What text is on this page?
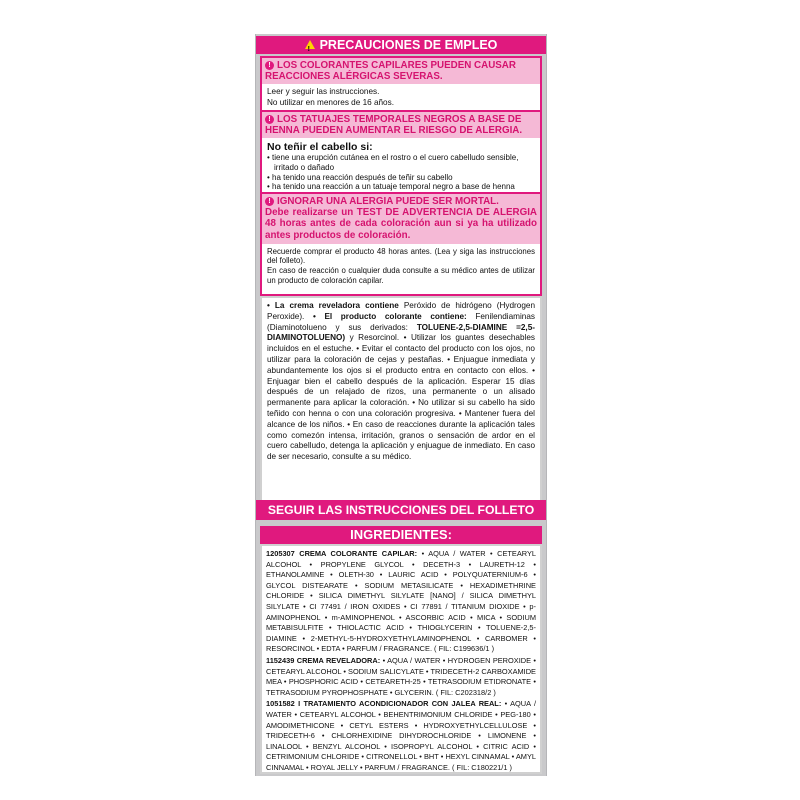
! PRECAUCIONES DE EMPLEO
! LOS COLORANTES CAPILARES PUEDEN CAUSAR REACCIONES ALÉRGICAS SEVERAS.
Leer y seguir las instrucciones.
No utilizar en menores de 16 años.
! LOS TATUAJES TEMPORALES NEGROS A BASE DE HENNA PUEDEN AUMENTAR EL RIESGO DE ALERGIA.
No teñir el cabello si:
• tiene una erupción cutánea en el rostro o el cuero cabelludo sensible, irritado o dañado
• ha tenido una reacción después de teñir su cabello
• ha tenido una reacción a un tatuaje temporal negro a base de henna
! IGNORAR UNA ALERGIA PUEDE SER MORTAL.
Debe realizarse un TEST DE ADVERTENCIA DE ALERGIA 48 horas antes de cada coloración aun si ya ha utilizado antes productos de coloración.
Recuerde comprar el producto 48 horas antes. (Lea y siga las instrucciones del folleto).
En caso de reacción o cualquier duda consulte a su médico antes de utilizar un producto de coloración capilar.
• La crema reveladora contiene Peróxido de hidrógeno (Hydrogen Peroxide). • El producto colorante contiene: Fenilendiaminas (Diaminotolueno y sus derivados: TOLUENE-2,5-DIAMINE =2,5-DIAMINOTOLUENO) y Resorcinol. • Utilizar los guantes desechables incluidos en el estuche. • Evitar el contacto del producto con los ojos, no utilizar para la coloración de cejas y pestañas. • Enjuague inmediata y abundantemente los ojos si el producto entra en contacto con ellos. • Enjuagar bien el cabello después de la aplicación. Esperar 15 días después de un relajado de rizos, una permanente o un alisado permanente para aplicar la coloración. • No utilizar si su cabello ha sido teñido con henna o con una coloración progresiva. • Mantener fuera del alcance de los niños. • En caso de reacciones durante la aplicación tales como comezón intensa, irritación, granos o sensación de ardor en el cuero cabelludo, detenga la aplicación y enjuague de inmediato. En caso de ser necesario, consulte a su médico.
SEGUIR LAS INSTRUCCIONES DEL FOLLETO
INGREDIENTES:
1205307 CREMA COLORANTE CAPILAR: • AQUA / WATER • CETEARYL ALCOHOL • PROPYLENE GLYCOL • DECETH-3 • LAURETH-12 • ETHANOLAMINE • OLETH-30 • LAURIC ACID • POLYQUATERNIUM-6 • GLYCOL DISTEARATE • SODIUM METASILICATE • HEXADIMETHRINE CHLORIDE • SILICA DIMETHYL SILYLATE [NANO] / SILICA DIMETHYL SILYLATE • CI 77491 / IRON OXIDES • CI 77891 / TITANIUM DIOXIDE • p-AMINOPHENOL • m-AMINOPHENOL • ASCORBIC ACID • MICA • SODIUM METABISULFITE • THIOLACTIC ACID • THIOGLYCERIN • TOLUENE-2,5-DIAMINE • 2-METHYL-5-HYDROXYETHYLAMINOPHENOL • CARBOMER • RESORCINOL • EDTA • PARFUM / FRAGRANCE. ( FIL: C199636/1 )
1152439 CREMA REVELADORA: • AQUA / WATER • HYDROGEN PEROXIDE • CETEARYL ALCOHOL • SODIUM SALICYLATE • TRIDECETH-2 CARBOXAMIDE MEA • PHOSPHORIC ACID • CETEARETH-25 • TETRASODIUM ETIDRONATE • TETRASODIUM PYROPHOSPHATE • GLYCERIN. ( FIL: C202318/2 )
1051582 I TRATAMIENTO ACONDICIONADOR CON JALEA REAL: • AQUA / WATER • CETEARYL ALCOHOL • BEHENTRIMONIUM CHLORIDE • PEG-180 • AMODIMETHICONE • CETYL ESTERS • HYDROXYETHYLCELLULOSE • TRIDECETH-6 • CHLORHEXIDINE DIHYDROCHLORIDE • LIMONENE • LINALOOL • BENZYL ALCOHOL • ISOPROPYL ALCOHOL • CITRIC ACID • CETRIMONIUM CHLORIDE • CITRONELLOL • BHT • HEXYL CINNAMAL • AMYL CINNAMAL • ROYAL JELLY • PARFUM / FRAGRANCE. ( FIL: C180221/1 )
